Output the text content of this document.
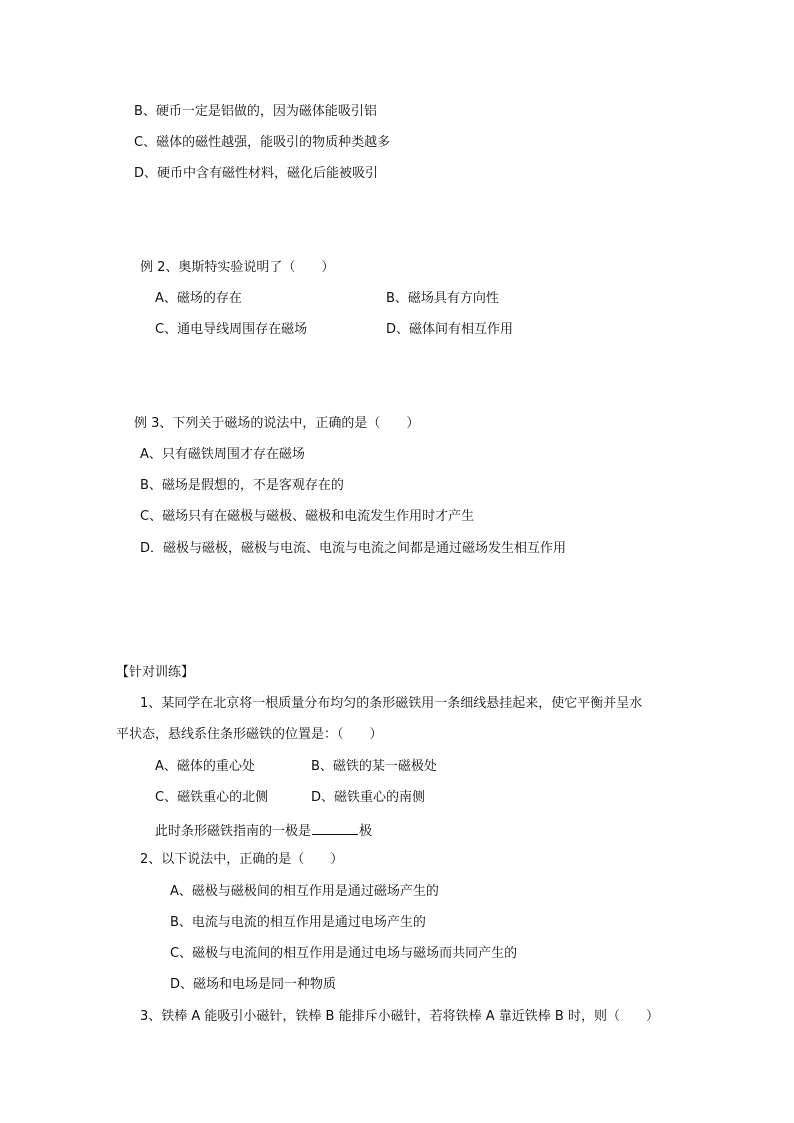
B、硬币一定是铝做的，因为磁体能吸引铝
C、磁体的磁性越强，能吸引的物质种类越多
D、硬币中含有磁性材料，磁化后能被吸引
例 2、奥斯特实验说明了（　　）
A、磁场的存在	B、磁场具有方向性
C、通电导线周围存在磁场	D、磁体间有相互作用
例 3、下列关于磁场的说法中，正确的是（　　）
A、只有磁铁周围才存在磁场
B、磁场是假想的，不是客观存在的
C、磁场只有在磁极与磁极、磁极和电流发生作用时才产生
D．磁极与磁极，磁极与电流、电流与电流之间都是通过磁场发生相互作用
【针对训练】
1、某同学在北京将一根质量分布均匀的条形磁铁用一条细线悬挂起来，使它平衡并呈水
平状态，悬线系住条形磁铁的位置是：（　　）
A、磁体的重心处	B、磁铁的某一磁极处
C、磁铁重心的北侧	D、磁铁重心的南侧
此时条形磁铁指南的一极是	极
2、以下说法中，正确的是（　　）
A、磁极与磁极间的相互作用是通过磁场产生的
B、电流与电流的相互作用是通过电场产生的
C、磁极与电流间的相互作用是通过电场与磁场而共同产生的
D、磁场和电场是同一种物质
3、铁棒 A 能吸引小磁针，铁棒 B 能排斥小磁针，若将铁棒 A 靠近铁棒 B 时，则（　　）
